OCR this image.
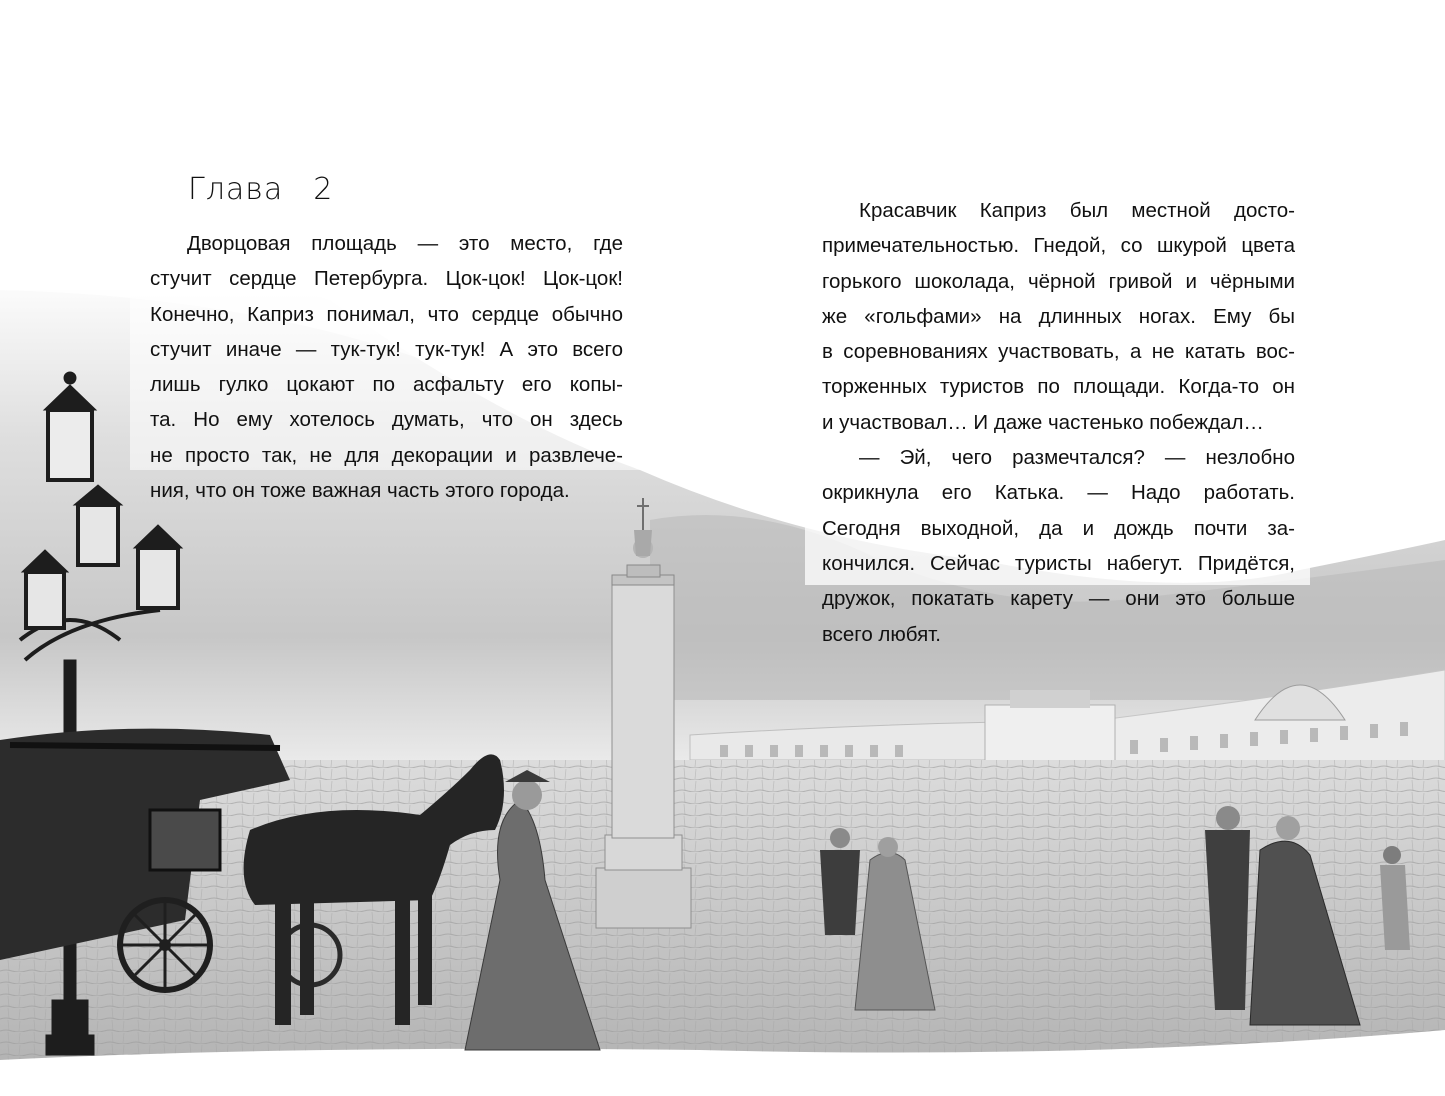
Глава 2
Дворцовая площадь — это место, где
стучит сердце Петербурга. Цок-цок! Цок-цок!
Конечно, Каприз понимал, что сердце обычно
стучит иначе — тук-тук! тук-тук! А это всего
лишь гулко цокают по асфальту его копы-
та. Но ему хотелось думать, что он здесь
не просто так, не для декорации и развлече-
ния, что он тоже важная часть этого города.
Красавчик Каприз был местной досто-
примечательностью. Гнедой, со шкурой цвета
горького шоколада, чёрной гривой и чёрными
же «гольфами» на длинных ногах. Ему бы
в соревнованиях участвовать, а не катать вос-
торженных туристов по площади. Когда-то он
и участвовал… И даже частенько побеждал…
— Эй, чего размечтался? — незлобно
окрикнула его Катька. — Надо работать.
Сегодня выходной, да и дождь почти за-
кончился. Сейчас туристы набегут. Придётся,
дружок, покатать карету — они это больше
всего любят.
